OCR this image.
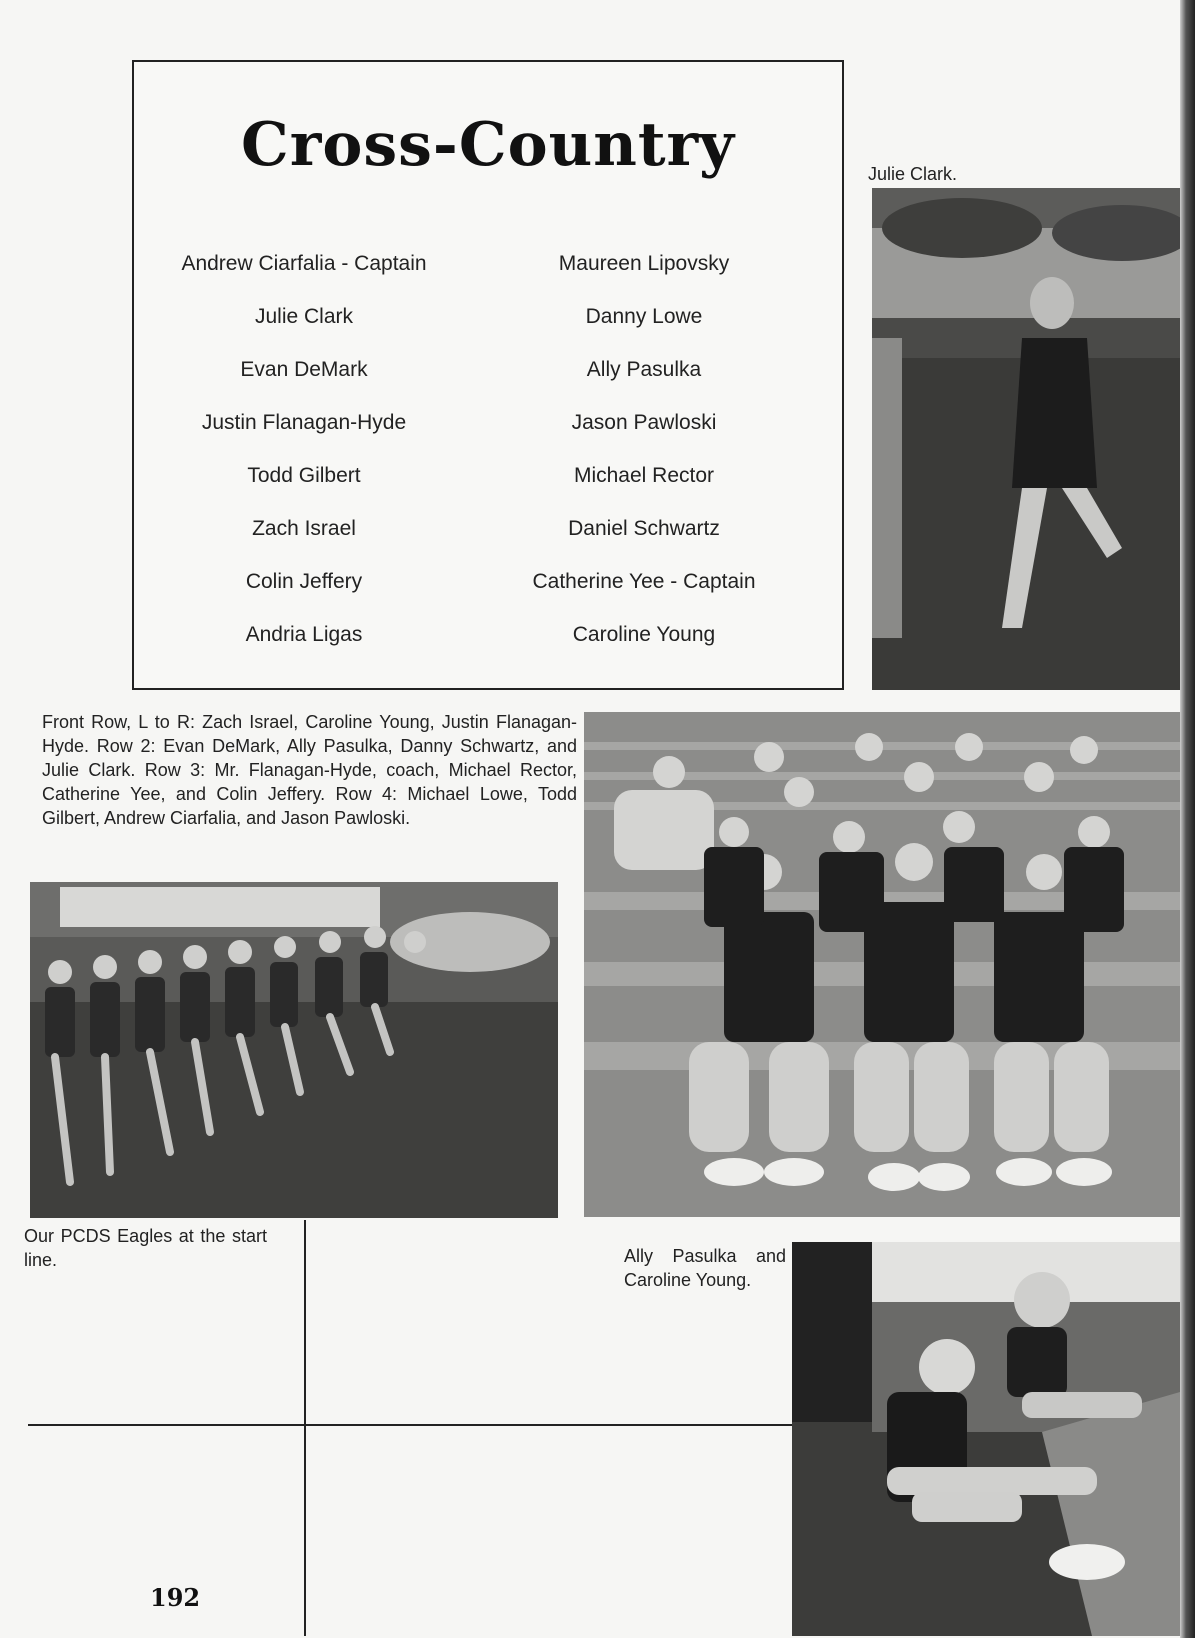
Cross-Country
Andrew Ciarfalia - Captain
Julie Clark
Evan DeMark
Justin Flanagan-Hyde
Todd Gilbert
Zach Israel
Colin Jeffery
Andria Ligas
Maureen Lipovsky
Danny Lowe
Ally Pasulka
Jason Pawloski
Michael Rector
Daniel Schwartz
Catherine Yee - Captain
Caroline Young
Julie Clark.
Front Row, L to R: Zach Israel, Caroline Young, Justin Flanagan-Hyde. Row 2: Evan DeMark, Ally Pasulka, Danny Schwartz, and Julie Clark. Row 3: Mr. Flanagan-Hyde, coach, Michael Rector, Catherine Yee, and Colin Jeffery. Row 4: Michael Lowe, Todd Gilbert, Andrew Ciarfalia, and Jason Pawloski.
Our PCDS Eagles at the start line.	Ally Pasulka and Caroline Young.
192
